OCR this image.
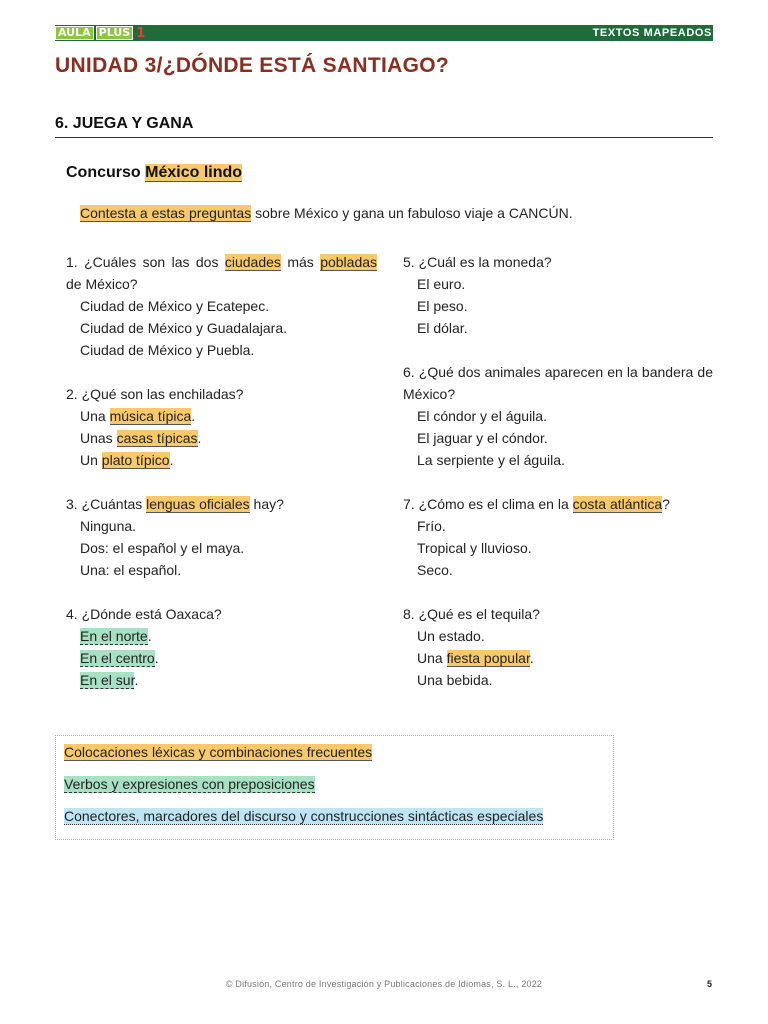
AULA PLUS 1	TEXTOS MAPEADOS
UNIDAD 3/¿DÓNDE ESTÁ SANTIAGO?
6. JUEGA Y GANA
Concurso México lindo
Contesta a estas preguntas sobre México y gana un fabuloso viaje a CANCÚN.

1. ¿Cuáles son las dos ciudades más pobladas de México?

Ciudad de México y Ecatepec.

Ciudad de México y Guadalajara.

Ciudad de México y Puebla.

2. ¿Qué son las enchiladas?

Una música típica.

Unas casas típicas.

Un plato típico.

3. ¿Cuántas lenguas oficiales hay?

Ninguna.

Dos: el español y el maya.

Una: el español.

4. ¿Dónde está Oaxaca?

En el norte.

En el centro.

En el sur.

5. ¿Cuál es la moneda?

El euro.

El peso.

El dólar.

6. ¿Qué dos animales aparecen en la bandera de México?

El cóndor y el águila.

El jaguar y el cóndor.

La serpiente y el águila.

7. ¿Cómo es el clima en la costa atlántica?

Frío.

Tropical y lluvioso.

Seco.

8. ¿Qué es el tequila?

Un estado.

Una fiesta popular.

Una bebida.

Colocaciones léxicas y combinaciones frecuentes
Verbos y expresiones con preposiciones
Conectores, marcadores del discurso y construcciones sintácticas especiales
© Difusión, Centro de Investigación y Publicaciones de Idiomas, S. L., 2022	5
